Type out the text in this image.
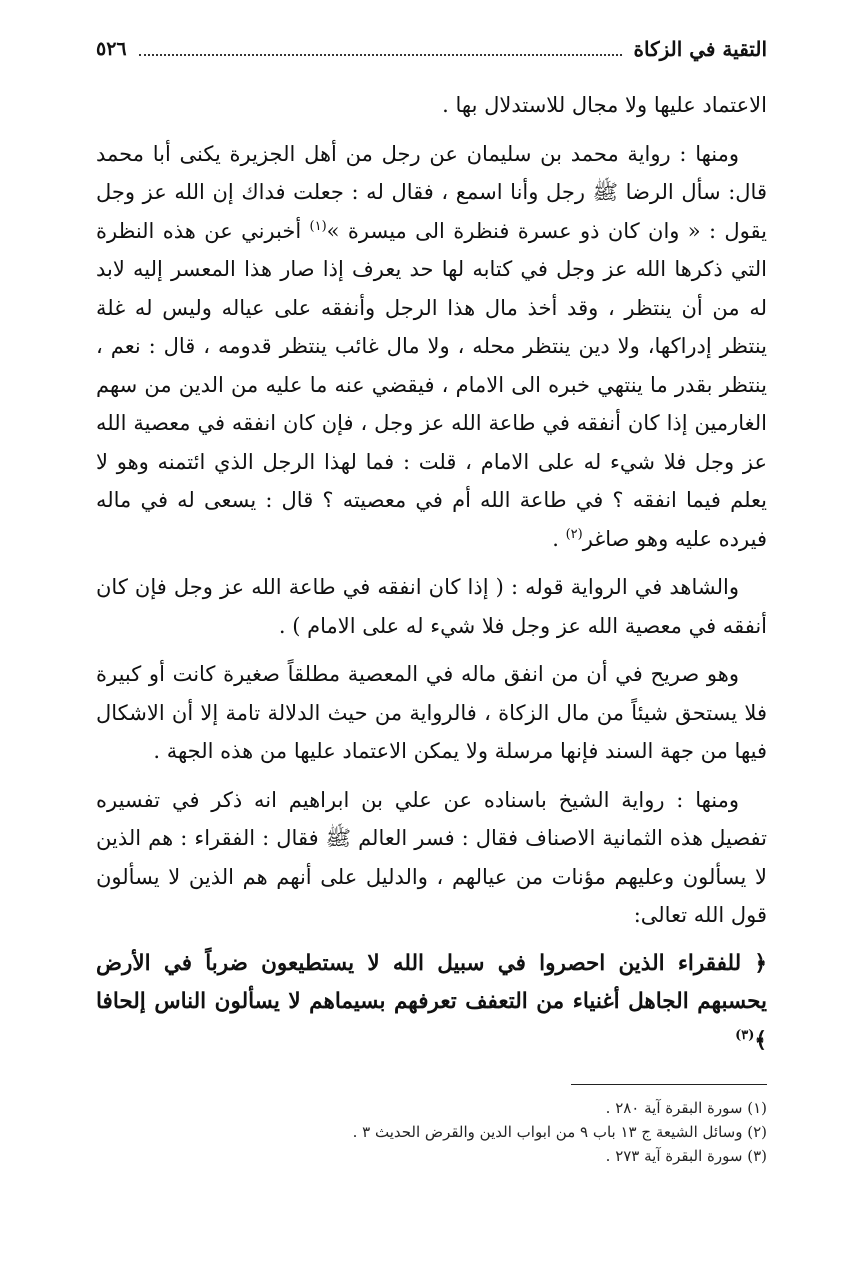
التقية في الزكاة
٥٢٦

الاعتماد عليها ولا مجال للاستدلال بها .

ومنها : رواية محمد بن سليمان عن رجل من أهل الجزيرة يكنى أبا محمد قال: سأل الرضا ﷺ رجل وأنا اسمع ، فقال له : جعلت فداك إن الله عز وجل يقول : « وان كان ذو عسرة فنظرة الى ميسرة »$^{(١)}$ أخبرني عن هذه النظرة التي ذكرها الله عز وجل في كتابه لها حد يعرف إذا صار هذا المعسر إليه لابد له من أن ينتظر ، وقد أخذ مال هذا الرجل وأنفقه على عياله وليس له غلة ينتظر إدراكها، ولا دين ينتظر محله ، ولا مال غائب ينتظر قدومه ، قال : نعم ، ينتظر بقدر ما ينتهي خبره الى الامام ، فيقضي عنه ما عليه من الدين من سهم الغارمين إذا كان أنفقه في طاعة الله عز وجل ، فإن كان انفقه في معصية الله عز وجل فلا شيء له على الامام ، قلت : فما لهذا الرجل الذي ائتمنه وهو لا يعلم فيما انفقه ؟ في طاعة الله أم في معصيته ؟ قال : يسعى له في ماله فيرده عليه وهو صاغر$^{(٢)}$ .

والشاهد في الرواية قوله : ( إذا كان انفقه في طاعة الله عز وجل فإن كان أنفقه في معصية الله عز وجل فلا شيء له على الامام ) .

وهو صريح في أن من انفق ماله في المعصية مطلقاً صغيرة كانت أو كبيرة فلا يستحق شيئاً من مال الزكاة ، فالرواية من حيث الدلالة تامة إلا أن الاشكال فيها من جهة السند فإنها مرسلة ولا يمكن الاعتماد عليها من هذه الجهة .

ومنها : رواية الشيخ باسناده عن علي بن ابراهيم انه ذكر في تفسيره تفصيل هذه الثمانية الاصناف فقال : فسر العالم ﷺ فقال : الفقراء : هم الذين لا يسألون وعليهم مؤنات من عيالهم ، والدليل على أنهم هم الذين لا يسألون قول الله تعالى:

﴿ للفقراء الذين احصروا في سبيل الله لا يستطيعون ضرباً في الأرض يحسبهم الجاهل أغنياء من التعفف تعرفهم بسيماهم لا يسألون الناس إلحافا ﴾$^{(٣)}$

(١) سورة البقرة آية ٢٨٠ .
(٢) وسائل الشيعة ج ١٣ باب ٩ من ابواب الدين والقرض الحديث ٣ .
(٣) سورة البقرة آية ٢٧٣ .
